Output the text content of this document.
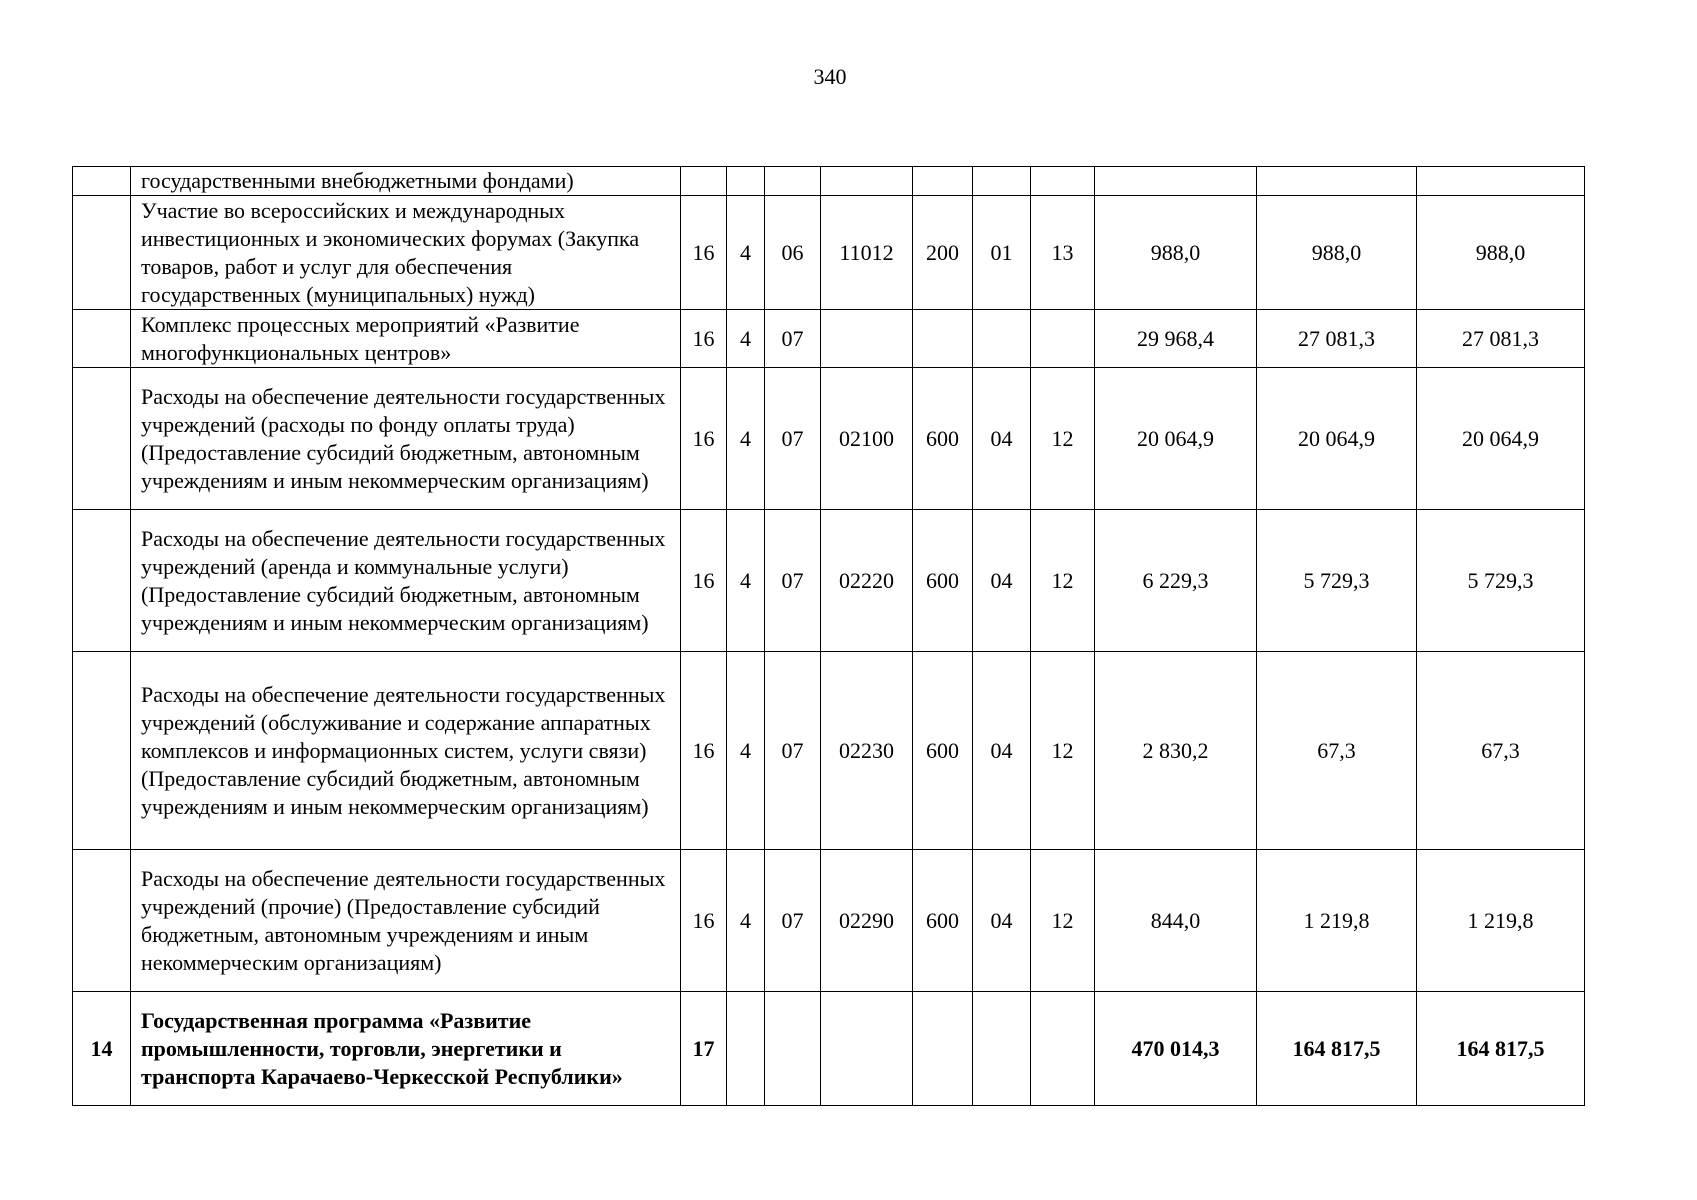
340
	государственными внебюджетными фондами)										
	Участие во всероссийских и международных инвестиционных и экономических форумах (Закупка товаров, работ и услуг для обеспечения государственных (муниципальных) нужд)	16	4	06	11012	200	01	13	988,0	988,0	988,0
	Комплекс процессных мероприятий «Развитие многофункциональных центров»	16	4	07					29 968,4	27 081,3	27 081,3
	Расходы на обеспечение деятельности государственных учреждений (расходы по фонду оплаты труда) (Предоставление субсидий бюджетным, автономным учреждениям и иным некоммерческим организациям)	16	4	07	02100	600	04	12	20 064,9	20 064,9	20 064,9
	Расходы на обеспечение деятельности государственных учреждений (аренда и коммунальные услуги) (Предоставление субсидий бюджетным, автономным учреждениям и иным некоммерческим организациям)	16	4	07	02220	600	04	12	6 229,3	5 729,3	5 729,3
	Расходы на обеспечение деятельности государственных учреждений (обслуживание и содержание аппаратных комплексов и информационных систем, услуги связи) (Предоставление субсидий бюджетным, автономным учреждениям и иным некоммерческим организациям)	16	4	07	02230	600	04	12	2 830,2	67,3	67,3
	Расходы на обеспечение деятельности государственных учреждений (прочие) (Предоставление субсидий бюджетным, автономным учреждениям и иным некоммерческим организациям)	16	4	07	02290	600	04	12	844,0	1 219,8	1 219,8
14	Государственная программа «Развитие промышленности, торговли, энергетики и транспорта Карачаево-Черкесской Республики»	17							470 014,3	164 817,5	164 817,5
